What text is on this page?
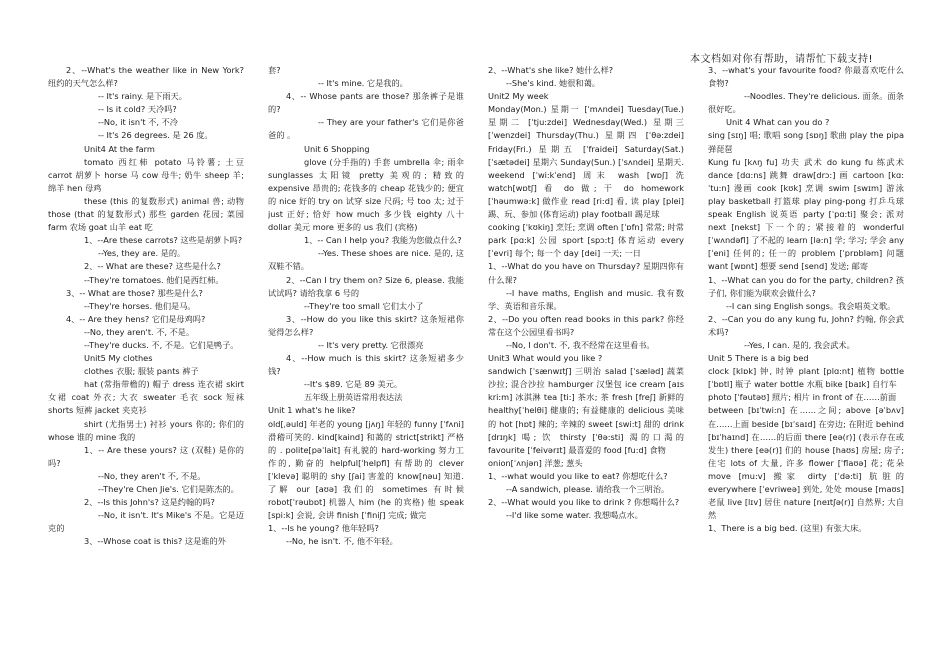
本文档如对你有帮助，请帮忙下载支持!

2、--What's the weather like in New York? 纽约的天气怎么样?

-- It's rainy. 是下雨天。

-- Is it cold? 天冷吗?

--No, it isn't 不, 不冷

-- It's 26 degrees. 是 26 度。

Unit4 At the farm

tomato 西红柿 potato 马铃薯; 土豆 carrot 胡萝卜 horse 马 cow 母牛; 奶牛 sheep 羊; 绵羊 hen 母鸡

these (this 的复数形式) animal 兽; 动物 those (that 的复数形式) 那些 garden 花园; 菜园 farm 农场 goat 山羊 eat 吃

1、--Are these carrots? 这些是胡萝卜吗?

--Yes, they are. 是的。

2、-- What are these? 这些是什么?

--They're tomatoes. 他们是西红柿。

3、-- What are those? 那些是什么?

--They're horses. 他们是马。

4、-- Are they hens? 它们是母鸡吗?

--No, they aren't. 不, 不是。

--They're ducks. 不, 不是。它们是鸭子。

Unit5 My clothes

clothes 衣服; 服装 pants 裤子

hat (常指带檐的) 帽子 dress 连衣裙 skirt 女裙 coat 外衣; 大衣 sweater 毛衣 sock 短袜 shorts 短裤 jacket 夹克衫

shirt (尤指男士) 衬衫 yours 你的; 你们的 whose 谁的 mine 我的

1、-- Are these yours? 这 (双鞋) 是你的吗?

--No, they aren't 不, 不是。

--They're Chen Jie's. 它们是陈杰的。

2、--Is this John's? 这是约翰的吗?

--No, it isn't. It's Mike's 不是。它是迈克的

3、--Whose coat is this? 这是谁的外

套?

-- It's mine. 它是我的。

4、-- Whose pants are those? 那条裤子是谁的?

-- They are your father's 它们是你爸爸的 。

Unit 6 Shopping

glove (分手指的) 手套 umbrella 伞; 雨伞 sunglasses 太阳镜 pretty 美观的; 精致的 expensive 昂贵的; 花钱多的 cheap 花钱少的; 便宜的 nice 好的 try on 试穿 size 尺码; 号 too 太; 过于 just 正好; 恰好 how much 多少钱 eighty 八十 dollar 美元 more 更多的 us 我们 (宾格)

1、-- Can I help you? 我能为您做点什么?

--Yes. These shoes are nice. 是的, 这双鞋不错。

2、--Can I try them on? Size 6, please. 我能试试吗? 请给我拿 6 号的

--They're too small 它们太小了

3、--How do you like this skirt? 这条短裙你觉得怎么样?

-- It's very pretty. 它很漂亮

4、--How much is this skirt? 这条短裙多少钱?

--It's $89. 它是 89 美元。

五年级上册英语常用表达法

Unit 1 what's he like?

old[ˌəuld] 年老的 young [jʌŋ] 年轻的 funny [ˈfʌni] 滑稽可笑的. kind[kaind] 和蔼的 strict[strikt] 严格的 . polite[pəˈlait] 有礼貌的 hard-working 努力工作的, 勤奋的 helpful[ˈhelpfl] 有帮助的 clever [ˈklevə] 聪明的 shy [ʃai] 害羞的 know[nəu] 知道. 了解 our [aʊə] 我们的 sometimes 有时候 robot[ˈrəubɒt] 机器人 him (he 的宾格) 他 speak [spi:k] 会说, 会讲 finish [ˈfiniʃ] 完成; 做完

1、--Is he young? 他年轻吗?

--No, he isn't. 不, 他不年轻。

2、--What's she like? 她什么样?

--She's kind. 她很和蔼。

Unit2 My week

Monday(Mon.) 星期一 [ˈmʌndei] Tuesday(Tue.) 星期二 [ˈtju:zdei] Wednesday(Wed.) 星期三 [ˈwenzdei] Thursday(Thu.) 星期四 [ˈθə:zdei] Friday(Fri.) 星期五 [ˈfraidei] Saturday(Sat.)[ˈsætədei] 星期六 Sunday(Sun.) [ˈsʌndei] 星期天. weekend [ˈwi:kˈend] 周末 wash [wɒʃ] 洗 watch[wɒtʃ] 看 do 做; 干 do homework [ˈhəumwə:k] 做作业 read [ri:d] 看, 读 play [plei] 踢、玩、参加 (体育运动) play football 踢足球

cooking [ˈkʊkiŋ] 烹饪; 烹调 often [ˈɒfn] 常常; 时常 park [pɑ:k] 公园 sport [spɔ:t] 体育运动 every [ˈevri] 每个; 每一个 day [dei] 一天; 一日

1、--What do you have on Thursday? 星期四你有什么课?

--I have maths, English and music. 我有数学、英语和音乐课。

2、--Do you often read books in this park? 你经常在这个公园里看书吗?

--No, I don't. 不, 我不经常在这里看书。

Unit3 What would you like ?

sandwich [ˈsænwɪtʃ] 三明治 salad [ˈsæləd] 蔬菜沙拉; 混合沙拉 hamburger 汉堡包 ice cream [aɪs kri:m] 冰淇淋 tea [ti:] 茶水; 茶 fresh [freʃ] 新鲜的 healthy[ˈhelθi] 健康的; 有益健康的 delicious 美味的 hot [hɒt] 辣的; 辛辣的 sweet [swi:t] 甜的 drink [drɪŋk] 喝; 饮 thirsty [ˈθə:sti] 渴的口渴的 favourite [ˈfeivərɪt] 最喜爱的 food [fu:d] 食物

onion[ˈʌnjən] 洋葱; 葱头

1、--what would you like to eat? 你想吃什么?

--A sandwich, please. 请给我一个三明治。

2、--What would you like to drink ? 你想喝什么?

--I'd like some water. 我想喝点水。

3、--what's your favourite food? 你最喜欢吃什么食物?

--Noodles. They're delicious. 面条。面条很好吃。

Unit 4 What can you do ?

sing [sɪŋ] 唱; 歌唱 song [sɒŋ] 歌曲 play the pipa 弹琵琶

Kung fu [kʌŋ fu] 功夫 武术 do kung fu 练武术 dance [dɑ:ns] 跳舞 draw[drɔ:] 画 cartoon [kɑ:ˈtu:n] 漫画 cook [kʊk] 烹调 swim [swɪm] 游泳 play basketball 打篮球 play ping-pong 打乒乓球 speak English 说英语 party [ˈpɑ:ti] 聚会; 派对 next [nekst] 下一个的; 紧接着的 wonderful [ˈwʌndəfl] 了不起的 learn [lə:n] 学; 学习; 学会 any [ˈeni] 任何的; 任一的 problem [ˈprɒbləm] 问题 want [wɒnt] 想要 send [send] 发送; 邮寄

1、--What can you do for the party, children? 孩子们, 你们能为联欢会做什么?

--I can sing English songs。我会唱英文歌。

2、--Can you do any kung fu, John? 约翰, 你会武术吗?

--Yes, I can. 是的, 我会武术。

Unit 5 There is a big bed

clock [klɒk] 钟, 时钟 plant [plɑ:nt] 植物 bottle [ˈbɒtl] 瓶子 water bottle 水瓶 bike [baɪk] 自行车

photo [ˈfəutəʊ] 照片; 相片 in front of 在……前面

between [bɪˈtwi:n] 在……之间; above [əˈbʌv] 在……上面 beside [bɪˈsaɪd] 在旁边; 在附近 behind [bɪˈhaɪnd] 在……的后面 there [eə(r)] (表示存在或发生) there [eə(r)] 们的 house [haʊs] 房屋; 房子; 住宅 lots of 大量, 许多 flower [ˈflaʊə] 花; 花朵 move [mu:v] 搬家 dirty [ˈdə:ti] 肮脏的 everywhere [ˈevriweə] 到处, 处处 mouse [maʊs] 老鼠 live [lɪv] 居住 nature [neɪtʃə(r)] 自然界; 大自然

1、There is a big bed. (这里) 有张大床。
